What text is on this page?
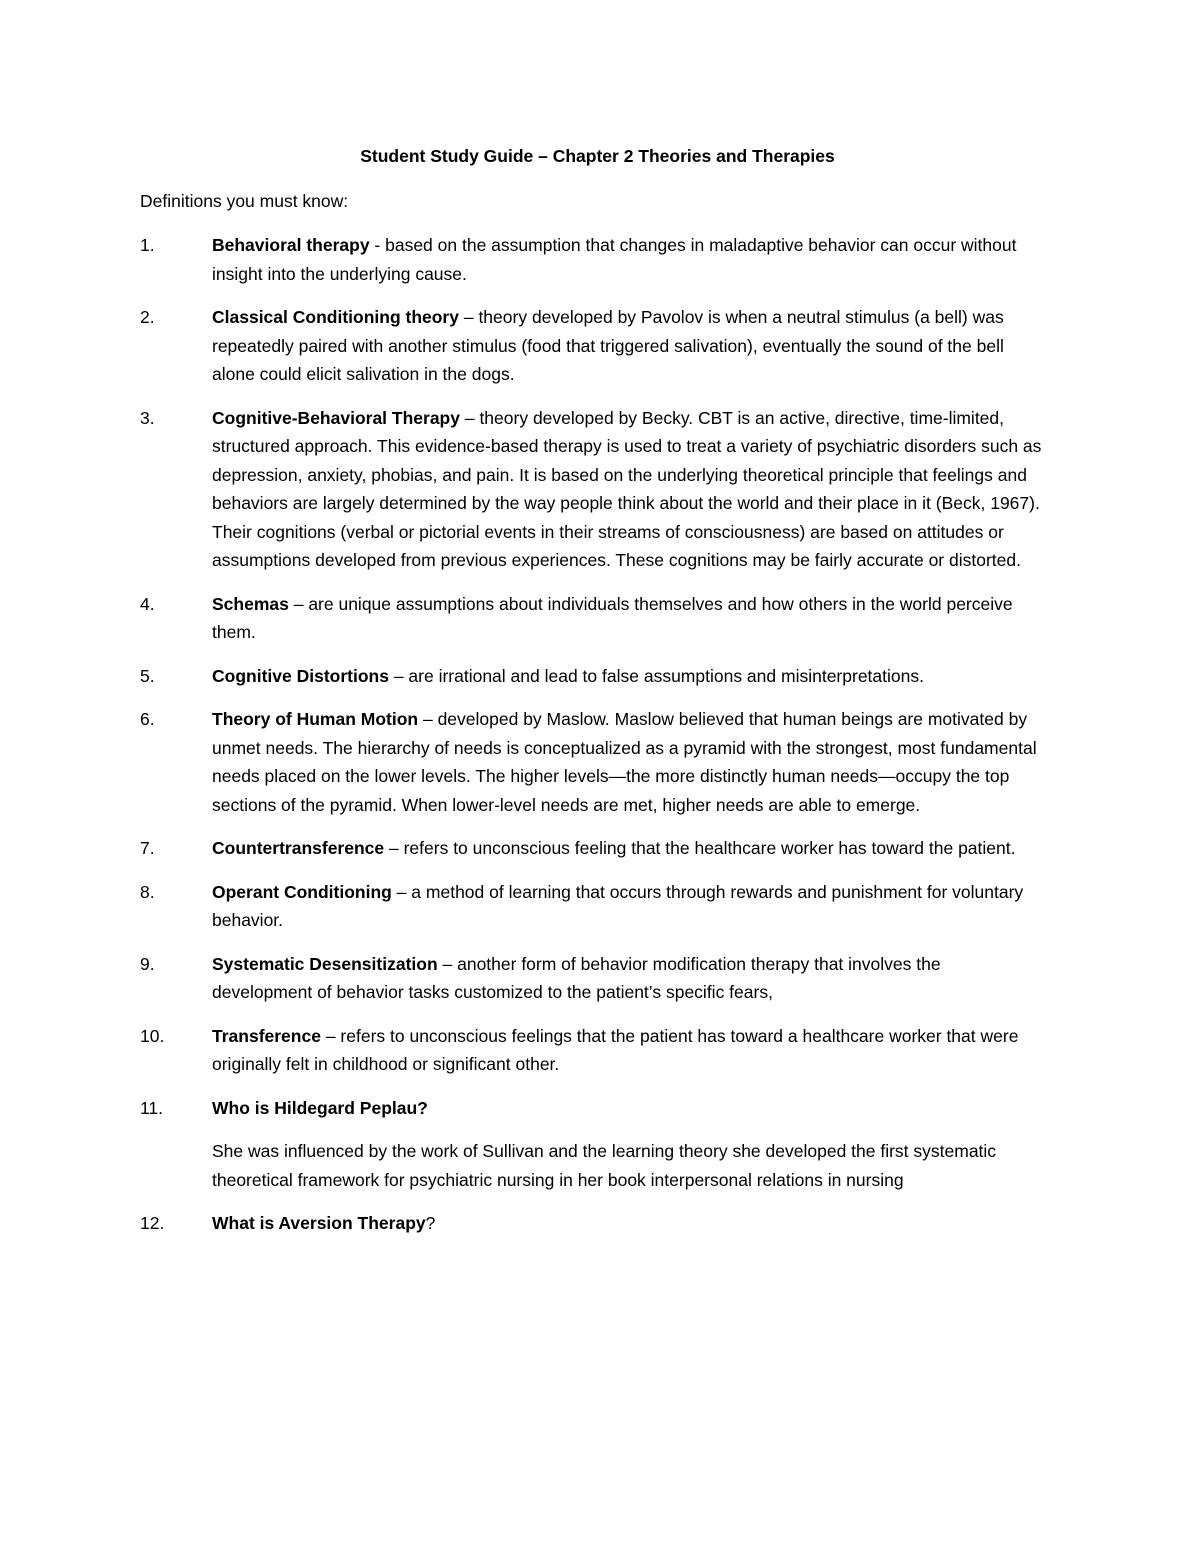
Student Study Guide – Chapter 2 Theories and Therapies
Definitions you must know:
1.	Behavioral therapy - based on the assumption that changes in maladaptive behavior can occur without insight into the underlying cause.
2.	Classical Conditioning theory – theory developed by Pavolov is when a neutral stimulus (a bell) was repeatedly paired with another stimulus (food that triggered salivation), eventually the sound of the bell alone could elicit salivation in the dogs.
3.	Cognitive-Behavioral Therapy – theory developed by Becky. CBT is an active, directive, time-limited, structured approach. This evidence-based therapy is used to treat a variety of psychiatric disorders such as depression, anxiety, phobias, and pain. It is based on the underlying theoretical principle that feelings and behaviors are largely determined by the way people think about the world and their place in it (Beck, 1967). Their cognitions (verbal or pictorial events in their streams of consciousness) are based on attitudes or assumptions developed from previous experiences. These cognitions may be fairly accurate or distorted.
4.	Schemas – are unique assumptions about individuals themselves and how others in the world perceive them.
5.	Cognitive Distortions – are irrational and lead to false assumptions and misinterpretations.
6.	Theory of Human Motion – developed by Maslow. Maslow believed that human beings are motivated by unmet needs. The hierarchy of needs is conceptualized as a pyramid with the strongest, most fundamental needs placed on the lower levels. The higher levels—the more distinctly human needs—occupy the top sections of the pyramid. When lower-level needs are met, higher needs are able to emerge.
7.	Countertransference – refers to unconscious feeling that the healthcare worker has toward the patient.
8.	Operant Conditioning – a method of learning that occurs through rewards and punishment for voluntary behavior.
9.	Systematic Desensitization – another form of behavior modification therapy that involves the development of behavior tasks customized to the patient’s specific fears,
10.	Transference – refers to unconscious feelings that the patient has toward a healthcare worker that were originally felt in childhood or significant other.
11.	Who is Hildegard Peplau?
She was influenced by the work of Sullivan and the learning theory she developed the first systematic theoretical framework for psychiatric nursing in her book interpersonal relations in nursing
12.	What is Aversion Therapy?
